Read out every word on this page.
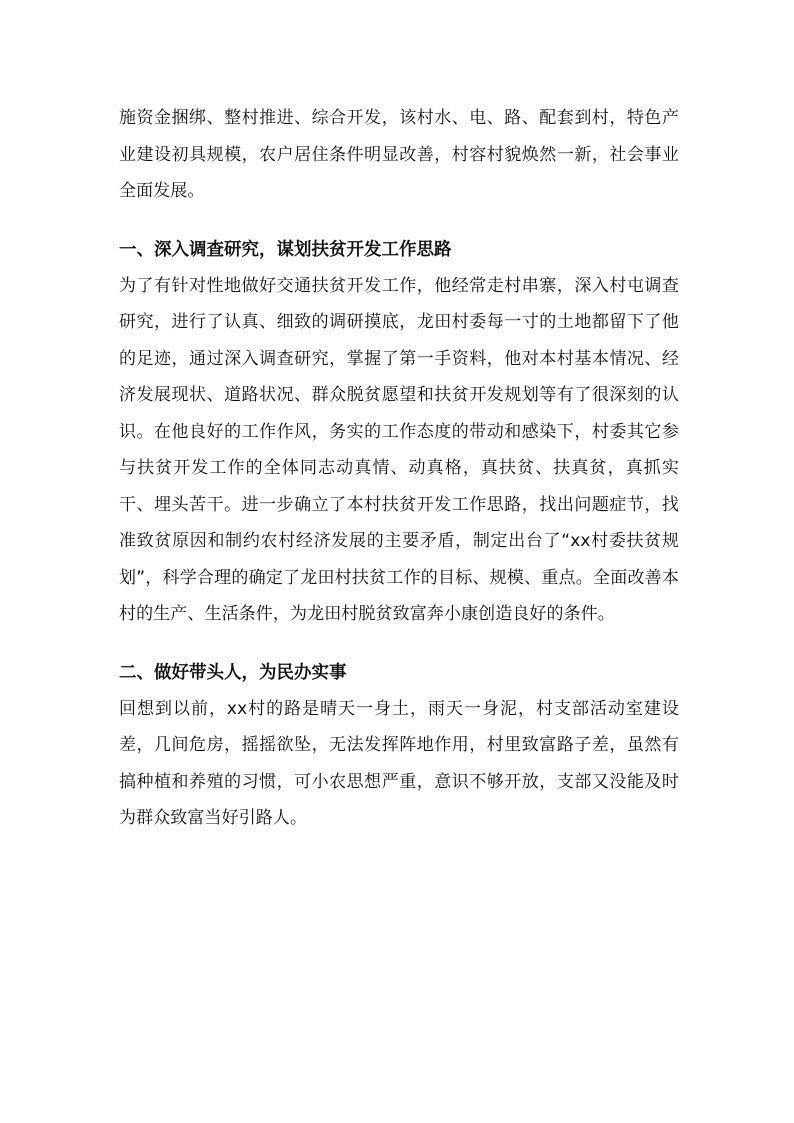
施资金捆绑、整村推进、综合开发，该村水、电、路、配套到村，特色产业建设初具规模，农户居住条件明显改善，村容村貌焕然一新，社会事业全面发展。

一、深入调查研究，谋划扶贫开发工作思路

为了有针对性地做好交通扶贫开发工作，他经常走村串寨，深入村屯调查研究，进行了认真、细致的调研摸底，龙田村委每一寸的土地都留下了他的足迹，通过深入调查研究，掌握了第一手资料，他对本村基本情况、经济发展现状、道路状况、群众脱贫愿望和扶贫开发规划等有了很深刻的认识。在他良好的工作作风，务实的工作态度的带动和感染下，村委其它参与扶贫开发工作的全体同志动真情、动真格，真扶贫、扶真贫，真抓实干、埋头苦干。进一步确立了本村扶贫开发工作思路，找出问题症节，找准致贫原因和制约农村经济发展的主要矛盾，制定出台了“xx村委扶贫规划”，科学合理的确定了龙田村扶贫工作的目标、规模、重点。全面改善本村的生产、生活条件，为龙田村脱贫致富奔小康创造良好的条件。

二、做好带头人，为民办实事

回想到以前，xx村的路是晴天一身土，雨天一身泥，村支部活动室建设差，几间危房，摇摇欲坠，无法发挥阵地作用，村里致富路子差，虽然有搞种植和养殖的习惯，可小农思想严重，意识不够开放，支部又没能及时为群众致富当好引路人。
